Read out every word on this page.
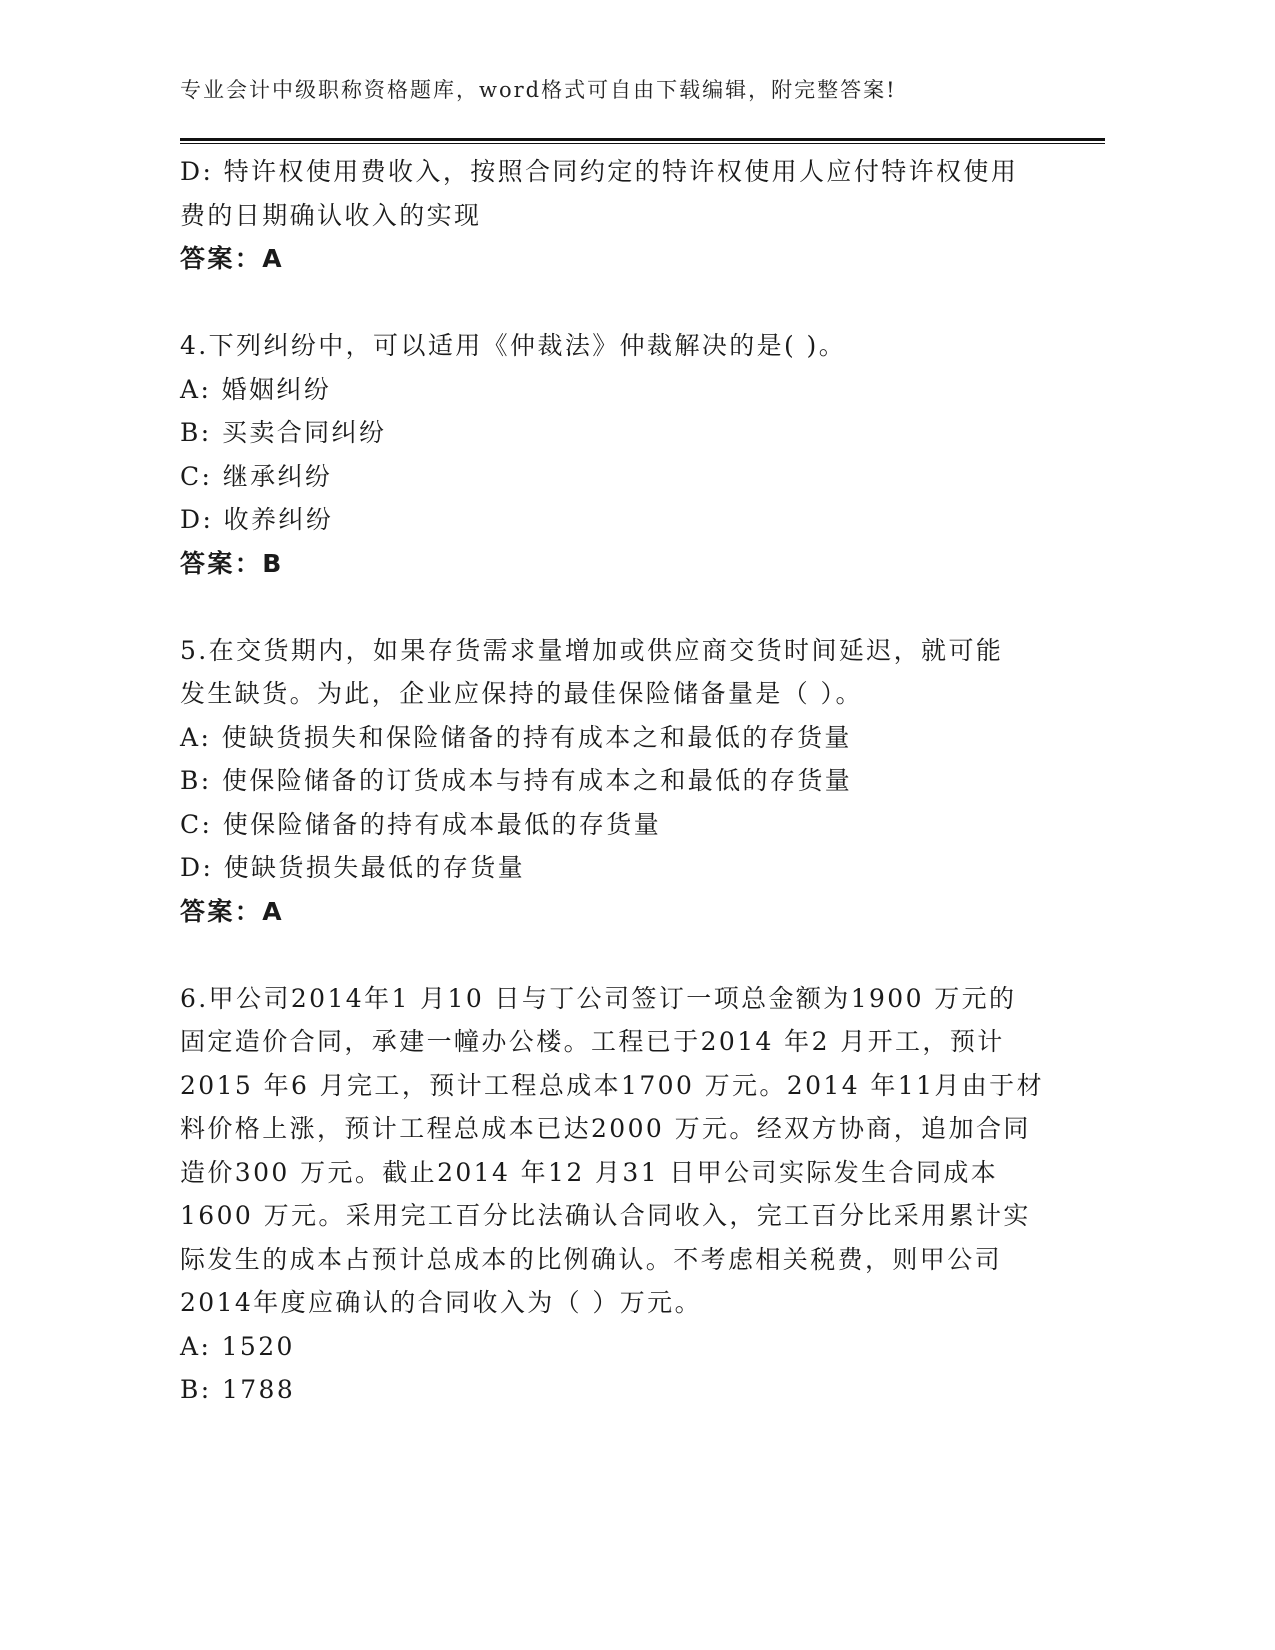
专业会计中级职称资格题库，word格式可自由下载编辑，附完整答案!
D: 特许权使用费收入，按照合同约定的特许权使用人应付特许权使用
费的日期确认收入的实现
答案：A
4.下列纠纷中，可以适用《仲裁法》仲裁解决的是( )。
A: 婚姻纠纷
B: 买卖合同纠纷
C: 继承纠纷
D: 收养纠纷
答案：B
5.在交货期内，如果存货需求量增加或供应商交货时间延迟，就可能
发生缺货。为此，企业应保持的最佳保险储备量是（ ）。
A: 使缺货损失和保险储备的持有成本之和最低的存货量
B: 使保险储备的订货成本与持有成本之和最低的存货量
C: 使保险储备的持有成本最低的存货量
D: 使缺货损失最低的存货量
答案：A
6.甲公司2014年1 月10 日与丁公司签订一项总金额为1900 万元的
固定造价合同，承建一幢办公楼。工程已于2014 年2 月开工，预计
2015 年6 月完工，预计工程总成本1700 万元。2014 年11月由于材
料价格上涨，预计工程总成本已达2000 万元。经双方协商，追加合同
造价300 万元。截止2014 年12 月31 日甲公司实际发生合同成本
1600 万元。采用完工百分比法确认合同收入，完工百分比采用累计实
际发生的成本占预计总成本的比例确认。不考虑相关税费，则甲公司
2014年度应确认的合同收入为（ ）万元。
A: 1520
B: 1788
